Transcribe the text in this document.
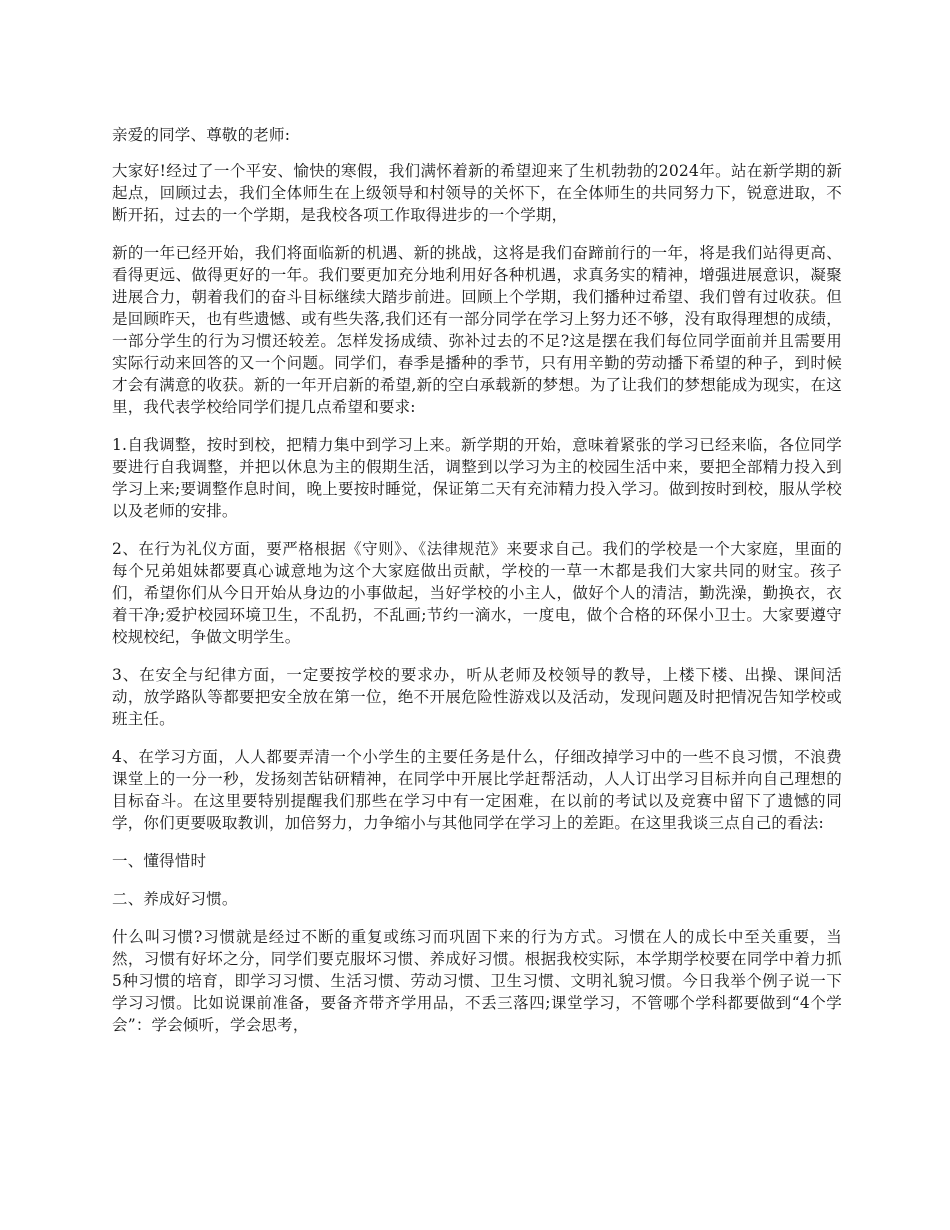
亲爱的同学、尊敬的老师:

大家好!经过了一个平安、愉快的寒假，我们满怀着新的希望迎来了生机勃勃的2024年。站在新学期的新起点，回顾过去，我们全体师生在上级领导和村领导的关怀下，在全体师生的共同努力下，锐意进取，不断开拓，过去的一个学期，是我校各项工作取得进步的一个学期，

新的一年已经开始，我们将面临新的机遇、新的挑战，这将是我们奋蹄前行的一年，将是我们站得更高、看得更远、做得更好的一年。我们要更加充分地利用好各种机遇，求真务实的精神，增强进展意识，凝聚进展合力，朝着我们的奋斗目标继续大踏步前进。回顾上个学期，我们播种过希望、我们曾有过收获。但是回顾昨天，也有些遗憾、或有些失落,我们还有一部分同学在学习上努力还不够，没有取得理想的成绩，一部分学生的行为习惯还较差。怎样发扬成绩、弥补过去的不足?这是摆在我们每位同学面前并且需要用实际行动来回答的又一个问题。同学们，春季是播种的季节，只有用辛勤的劳动播下希望的种子，到时候才会有满意的收获。新的一年开启新的希望,新的空白承载新的梦想。为了让我们的梦想能成为现实，在这里，我代表学校给同学们提几点希望和要求:

1.自我调整，按时到校，把精力集中到学习上来。新学期的开始，意味着紧张的学习已经来临，各位同学要进行自我调整，并把以休息为主的假期生活，调整到以学习为主的校园生活中来，要把全部精力投入到学习上来;要调整作息时间，晚上要按时睡觉，保证第二天有充沛精力投入学习。做到按时到校，服从学校以及老师的安排。

2、在行为礼仪方面，要严格根据《守则》、《法律规范》来要求自己。我们的学校是一个大家庭，里面的每个兄弟姐妹都要真心诚意地为这个大家庭做出贡献，学校的一草一木都是我们大家共同的财宝。孩子们，希望你们从今日开始从身边的小事做起，当好学校的小主人，做好个人的清洁，勤洗澡，勤换衣，衣着干净;爱护校园环境卫生，不乱扔，不乱画;节约一滴水，一度电，做个合格的环保小卫士。大家要遵守校规校纪，争做文明学生。

3、在安全与纪律方面，一定要按学校的要求办，听从老师及校领导的教导，上楼下楼、出操、课间活动，放学路队等都要把安全放在第一位，绝不开展危险性游戏以及活动，发现问题及时把情况告知学校或班主任。

4、在学习方面，人人都要弄清一个小学生的主要任务是什么，仔细改掉学习中的一些不良习惯，不浪费课堂上的一分一秒，发扬刻苦钻研精神，在同学中开展比学赶帮活动，人人订出学习目标并向自己理想的目标奋斗。在这里要特别提醒我们那些在学习中有一定困难，在以前的考试以及竞赛中留下了遗憾的同学，你们更要吸取教训，加倍努力，力争缩小与其他同学在学习上的差距。在这里我谈三点自己的看法:

一、懂得惜时

二、养成好习惯。

什么叫习惯?习惯就是经过不断的重复或练习而巩固下来的行为方式。习惯在人的成长中至关重要，当然，习惯有好坏之分，同学们要克服坏习惯、养成好习惯。根据我校实际，本学期学校要在同学中着力抓5种习惯的培育，即学习习惯、生活习惯、劳动习惯、卫生习惯、文明礼貌习惯。今日我举个例子说一下学习习惯。比如说课前准备，要备齐带齐学用品，不丢三落四;课堂学习，不管哪个学科都要做到“4个学会”：学会倾听，学会思考，
